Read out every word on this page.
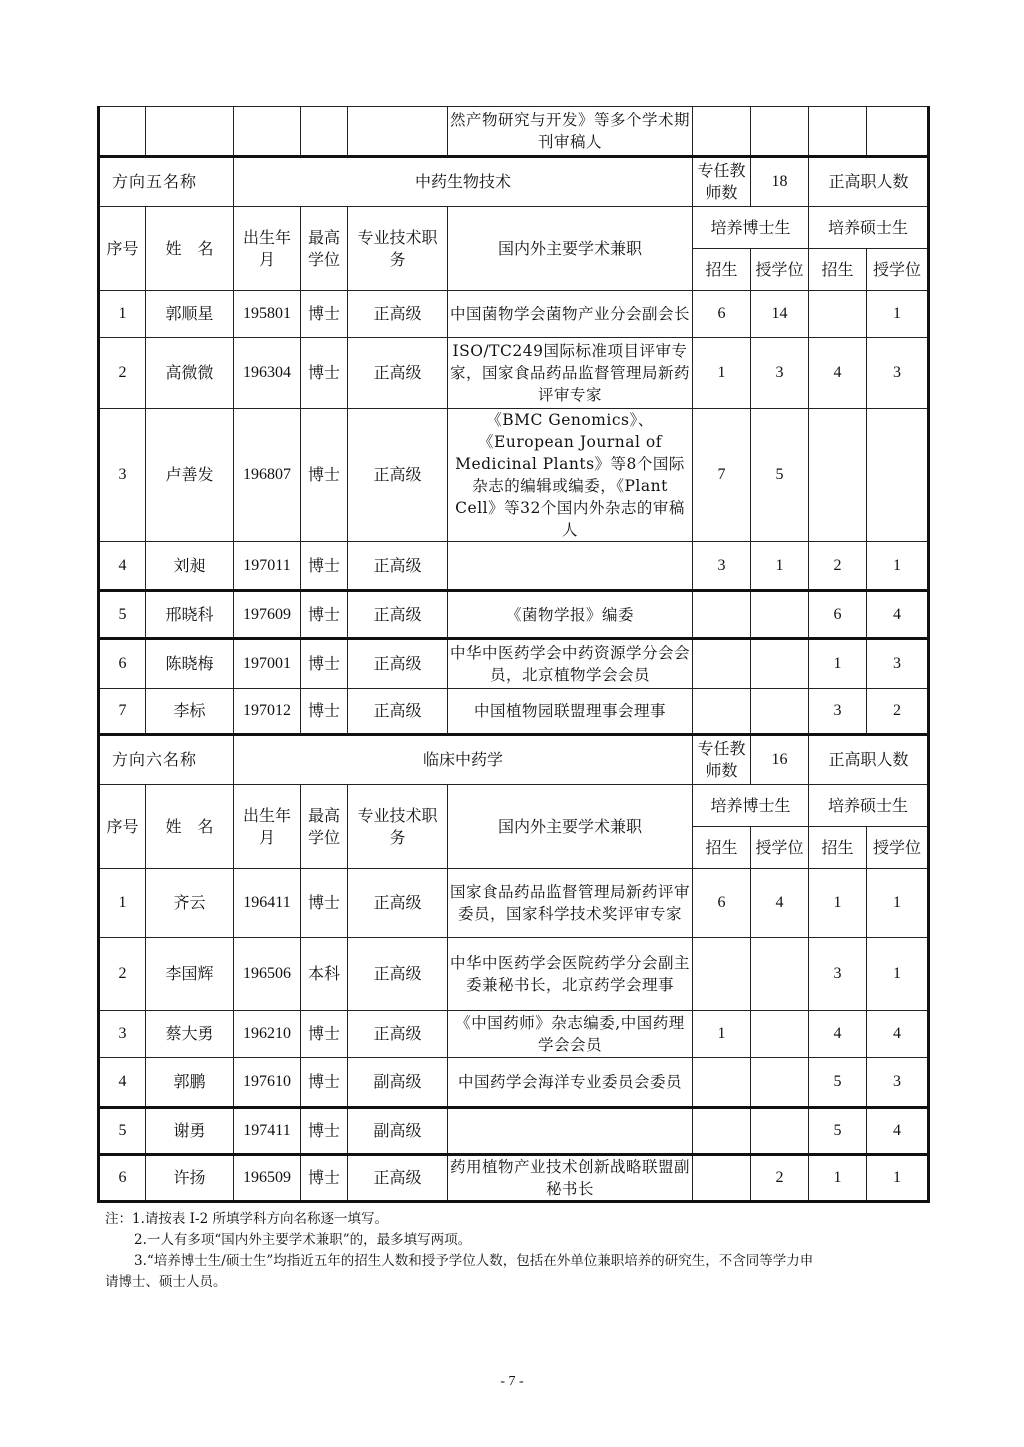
					然产物研究与开发》等多个学术期刊审稿人					
方向五名称		中药生物技术				专任教师数	18	正高职人数	
序号	姓　名	出生年月	最高学位	专业技术职　务	国内外主要学术兼职	培养博士生		培养硕士生		
						招生	授学位	招生	授学位	
1	郭顺星	195801	博士	正高级	中国菌物学会菌物产业分会副会长	6	14		1	
2	高微微	196304	博士	正高级	ISO/TC249国际标准项目评审专家，国家食品药品监督管理局新药评审专家	1	3	4	3	
3	卢善发	196807	博士	正高级	《BMC Genomics》、《European Journal of Medicinal Plants》等8个国际杂志的编辑或编委，《Plant Cell》等32个国内外杂志的审稿人	7	5			
4	刘昶	197011	博士	正高级		3	1	2	1	
5	邢晓科	197609	博士	正高级	《菌物学报》编委			6	4	
6	陈晓梅	197001	博士	正高级	中华中医药学会中药资源学分会会员，北京植物学会会员			1	3	
7	李标	197012	博士	正高级	中国植物园联盟理事会理事			3	2	
方向六名称		临床中药学				专任教师数	16	正高职人数	
序号	姓　名	出生年月	最高学位	专业技术职　务	国内外主要学术兼职	培养博士生		培养硕士生		
						招生	授学位	招生	授学位	
1	齐云	196411	博士	正高级	国家食品药品监督管理局新药评审委员，国家科学技术奖评审专家	6	4	1	1	
2	李国辉	196506	本科	正高级	中华中医药学会医院药学分会副主委兼秘书长，北京药学会理事			3	1	
3	蔡大勇	196210	博士	正高级	《中国药师》杂志编委,中国药理学会会员	1		4	4	
4	郭鹏	197610	博士	副高级	中国药学会海洋专业委员会委员			5	3	
5	谢勇	197411	博士	副高级				5	4	
6	许扬	196509	博士	正高级	药用植物产业技术创新战略联盟副秘书长		2	1	1	

注：1.请按表 I-2 所填学科方向名称逐一填写。

2.一人有多项“国内外主要学术兼职”的，最多填写两项。

3.“培养博士生/硕士生”均指近五年的招生人数和授予学位人数，包括在外单位兼职培养的研究生，不含同等学力申

请博士、硕士人员。

- 7 -
